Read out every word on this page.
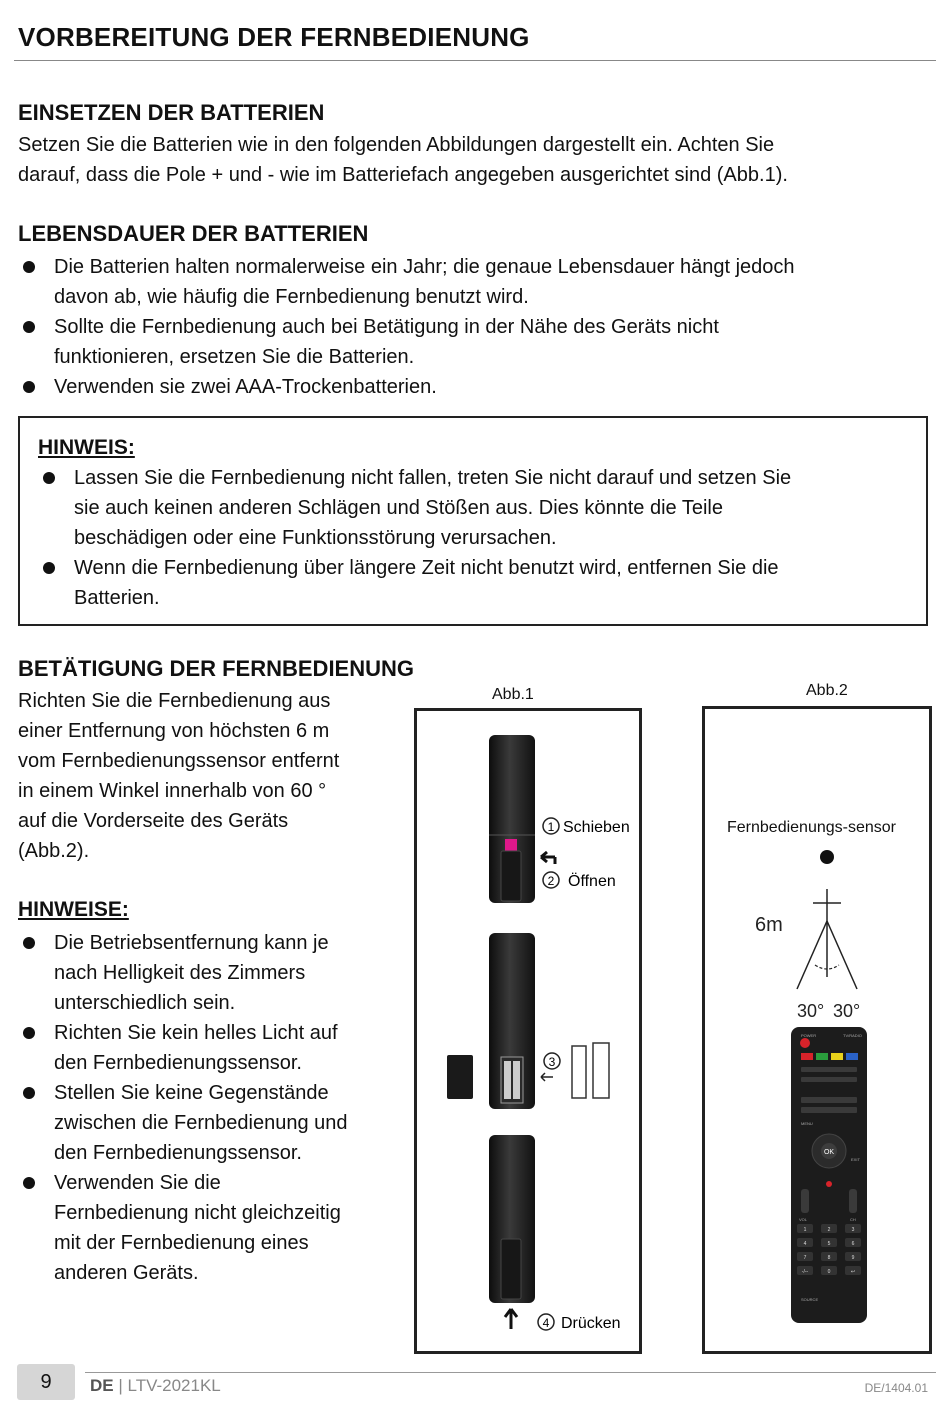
VORBEREITUNG DER FERNBEDIENUNG
EINSETZEN DER BATTERIEN

Setzen Sie die Batterien wie in den folgenden Abbildungen dargestellt ein. Achten Sie
darauf, dass die Pole + und - wie im Batteriefach angegeben ausgerichtet sind (Abb.1).

LEBENSDAUER DER BATTERIEN
Die Batterien halten normalerweise ein Jahr; die genaue Lebensdauer hängt jedoch
davon ab, wie häufig die Fernbedienung benutzt wird.
Sollte die Fernbedienung auch bei Betätigung in der Nähe des Geräts nicht
funktionieren, ersetzen Sie die Batterien.
Verwenden sie zwei AAA-Trockenbatterien.
HINWEIS:
Lassen Sie die Fernbedienung nicht fallen, treten Sie nicht darauf und setzen Sie
sie auch keinen anderen Schlägen und Stößen aus. Dies könnte die Teile
beschädigen oder eine Funktionsstörung verursachen.
Wenn die Fernbedienung über längere Zeit nicht benutzt wird, entfernen Sie die
Batterien.
BETÄTIGUNG DER FERNBEDIENUNG

Richten Sie die Fernbedienung aus
einer Entfernung von höchsten 6 m
vom Fernbedienungssensor entfernt
in einem Winkel innerhalb von 60 °
auf die Vorderseite des Geräts
(Abb.2).

HINWEISE:
Die Betriebsentfernung kann je
nach Helligkeit des Zimmers
unterschiedlich sein.
Richten Sie kein helles Licht auf
den Fernbedienungssensor.
Stellen Sie keine Gegenstände
zwischen die Fernbedienung und
den Fernbedienungssensor.
Verwenden Sie die
Fernbedienung nicht gleichzeitig
mit der Fernbedienung eines
anderen Geräts.
Abb.1
1 Schieben
2 Öffnen
3
4 Drücken
Abb.2
Fernbedienungs-sensor
6m
30° 30°
POWER	TV/RADIO
MENU
EXIT
OK
VOL	CH
1	2	3
4	5	6
7	8	9
-/--	0	↩
SOURCE
9	DE | LTV-2021KL	DE/1404.01
